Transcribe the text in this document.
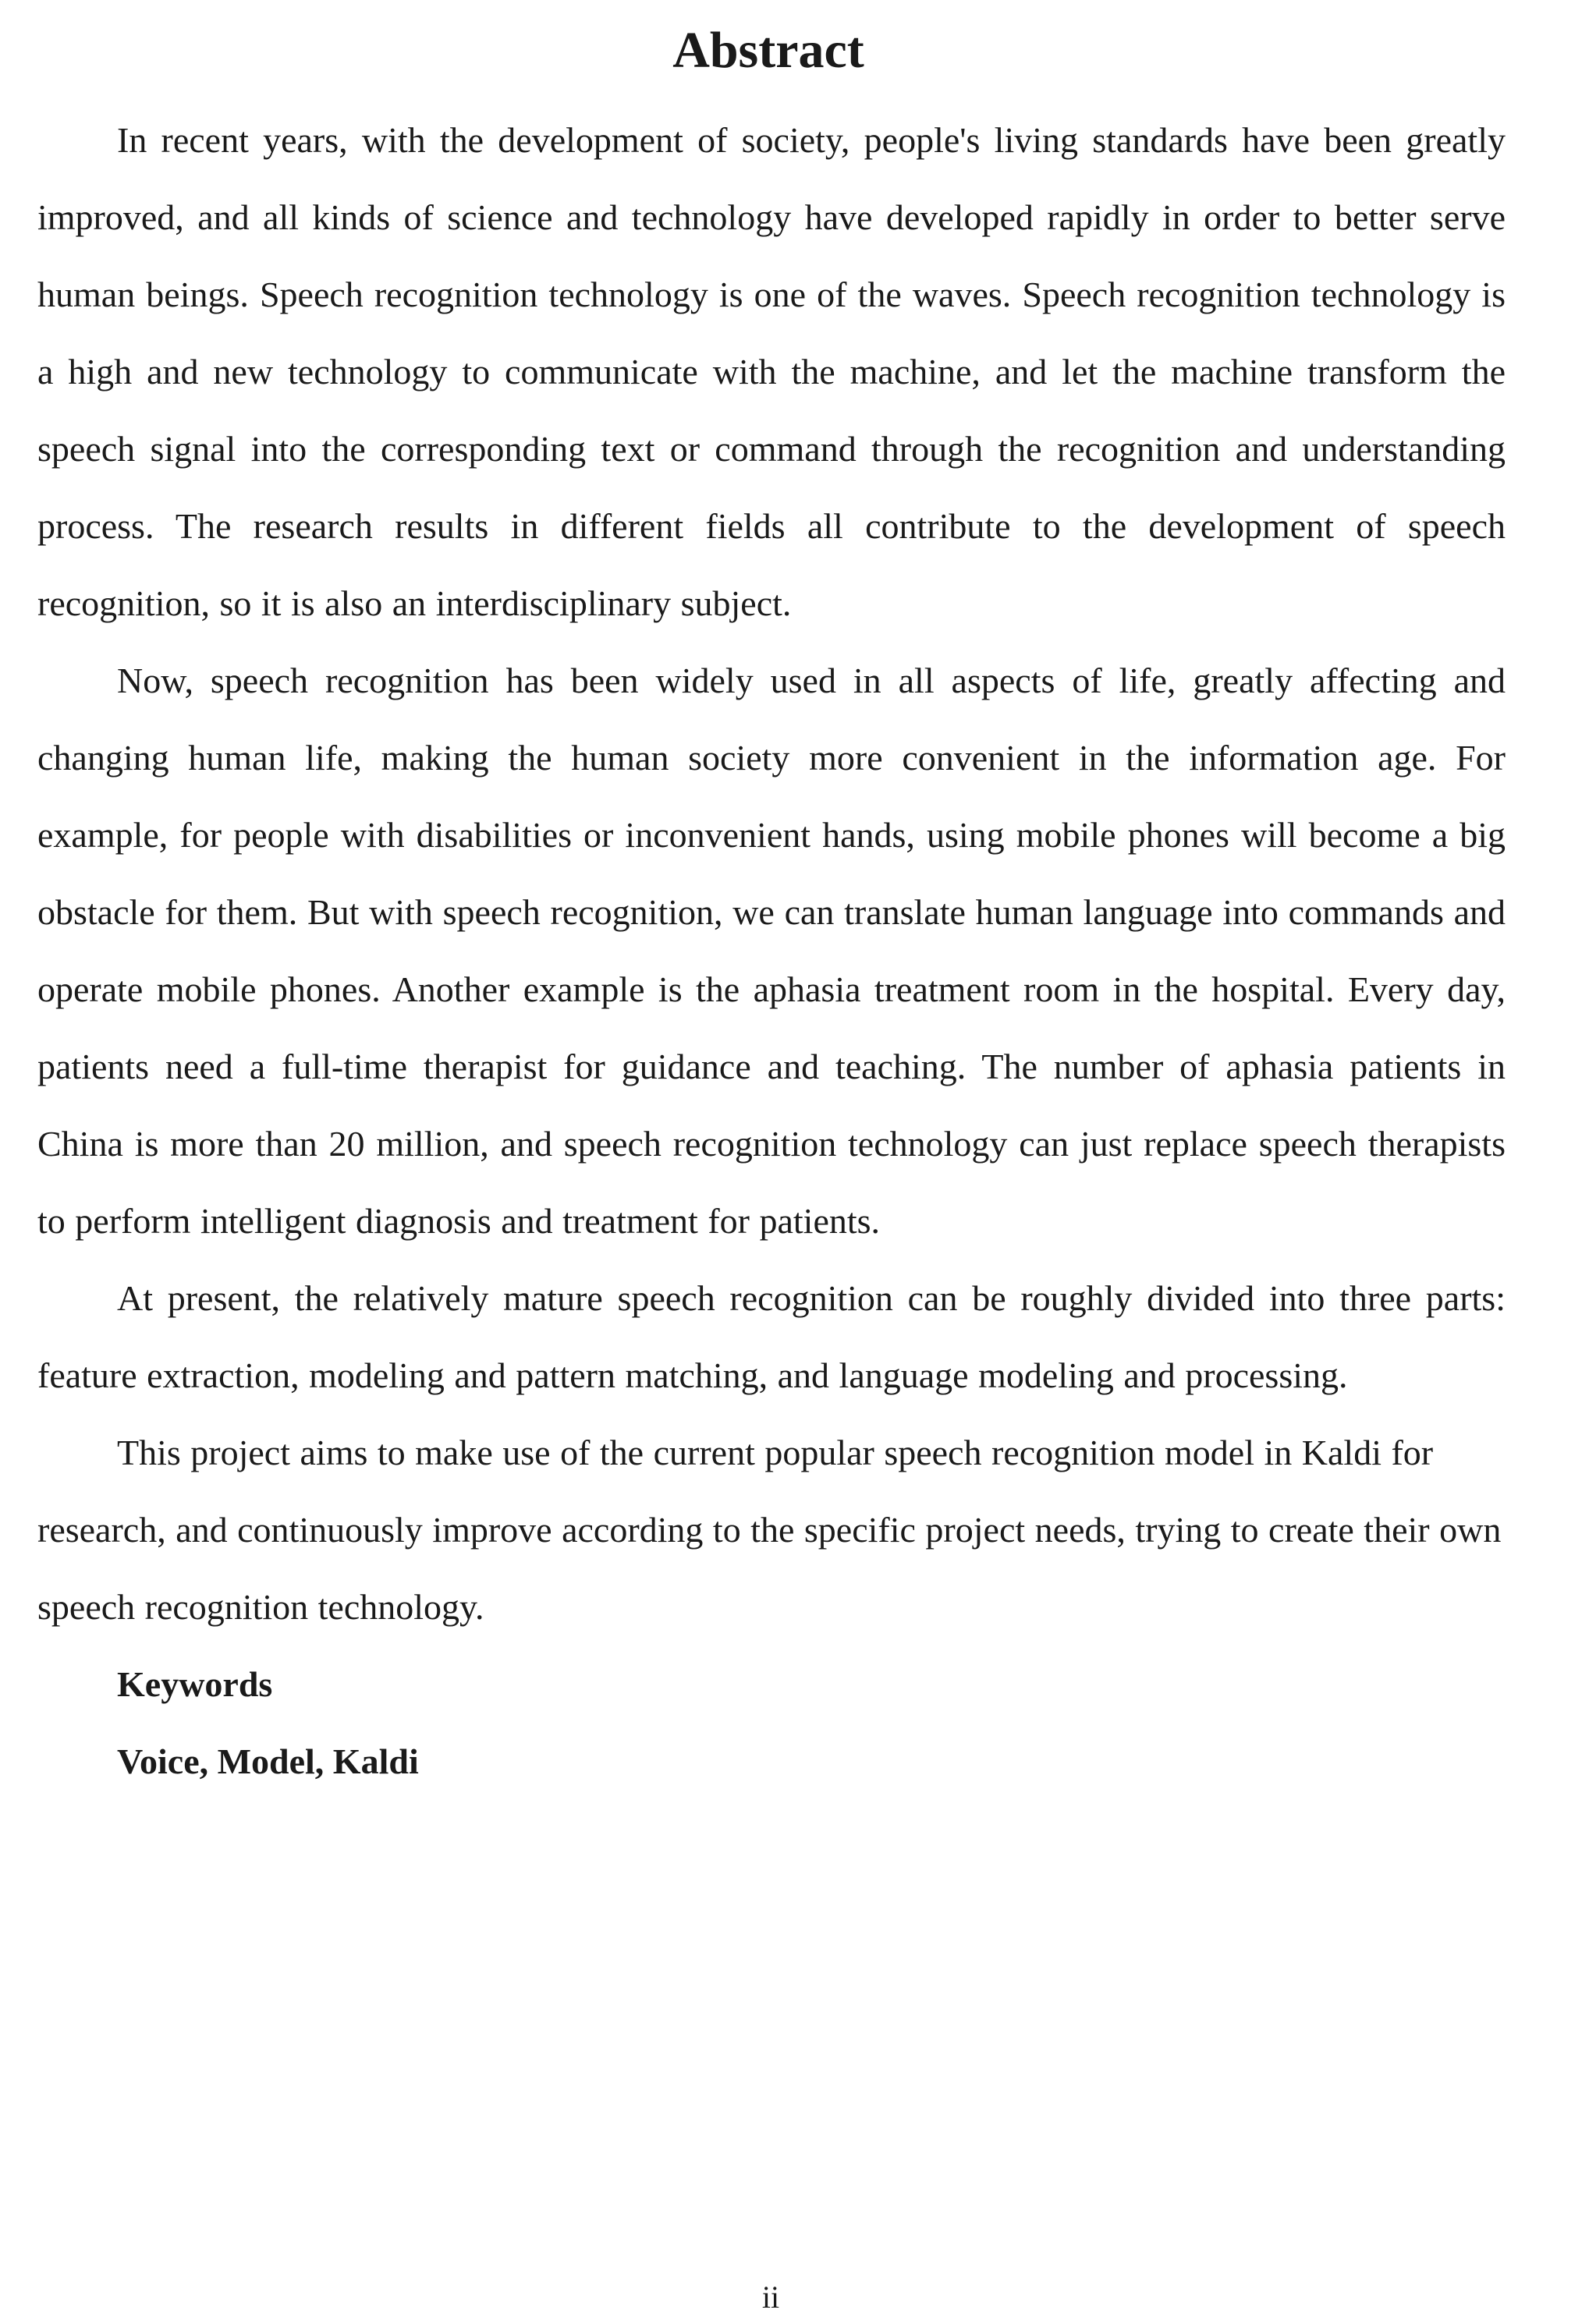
Abstract

In recent years, with the development of society, people's living standards have been greatly improved, and all kinds of science and technology have developed rapidly in order to better serve human beings. Speech recognition technology is one of the waves. Speech recognition technology is a high and new technology to communicate with the machine, and let the machine transform the speech signal into the corresponding text or command through the recognition and understanding process. The research results in different fields all contribute to the development of speech recognition, so it is also an interdisciplinary subject.

Now, speech recognition has been widely used in all aspects of life, greatly affecting and changing human life, making the human society more convenient in the information age. For example, for people with disabilities or inconvenient hands, using mobile phones will become a big obstacle for them. But with speech recognition, we can translate human language into commands and operate mobile phones. Another example is the aphasia treatment room in the hospital. Every day, patients need a full-time therapist for guidance and teaching. The number of aphasia patients in China is more than 20 million, and speech recognition technology can just replace speech therapists to perform intelligent diagnosis and treatment for patients.

At present, the relatively mature speech recognition can be roughly divided into three parts: feature extraction, modeling and pattern matching, and language modeling and processing.

This project aims to make use of the current popular speech recognition model in Kaldi for research, and continuously improve according to the specific project needs, trying to create their own speech recognition technology.

Keywords

Voice, Model, Kaldi

ii
